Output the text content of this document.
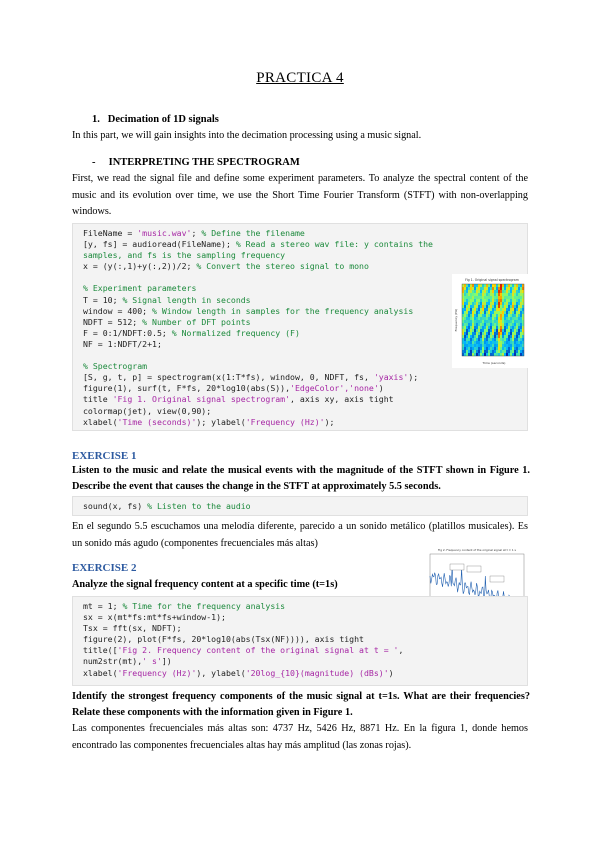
PRACTICA 4
1. Decimation of 1D signals
In this part, we will gain insights into the decimation processing using a music signal.
- INTERPRETING THE SPECTROGRAM
First, we read the signal file and define some experiment parameters. To analyze the spectral content of the music and its evolution over time, we use the Short Time Fourier Transform (STFT) with non-overlapping windows.
FileName = 'music.wav'; % Define the filename
[y, fs] = audioread(FileName); % Read a stereo wav file: y contains the
samples, and fs is the sampling frequency
x = (y(:,1)+y(:,2))/2; % Convert the stereo signal to mono

% Experiment parameters
T = 10; % Signal length in seconds
window = 400; % Window length in samples for the frequency analysis
NDFT = 512; % Number of DFT points
F = 0:1/NDFT:0.5; % Normalized frequency (F)
NF = 1:NDFT/2+1;

% Spectrogram
[S, g, t, p] = spectrogram(x(1:T*fs), window, 0, NDFT, fs, 'yaxis');
figure(1), surf(t, F*fs, 20*log10(abs(S)),'EdgeColor','none')
title 'Fig 1. Original signal spectrogram', axis xy, axis tight
colormap(jet), view(0,90);
xlabel('Time (seconds)'); ylabel('Frequency (Hz)');
Fig 1. Original signal spectrogram
Frequency (Hz)
Time (seconds)
EXERCISE 1
Listen to the music and relate the musical events with the magnitude of the STFT shown in Figure 1. Describe the event that causes the change in the STFT at approximately 5.5 seconds.
sound(x, fs) % Listen to the audio
En el segundo 5.5 escuchamos una melodía diferente, parecido a un sonido metálico (platillos musicales). Es un sonido más agudo (componentes frecuenciales más altas)
Fig 2. Frequency content of the original signal at t = 1 s
EXERCISE 2
Analyze the signal frequency content at a specific time (t=1s)
mt = 1; % Time for the frequency analysis
sx = x(mt*fs:mt*fs+window-1);
Tsx = fft(sx, NDFT);
figure(2), plot(F*fs, 20*log10(abs(Tsx(NF)))), axis tight
title(['Fig 2. Frequency content of the original signal at t = ',
num2str(mt),' s'])
xlabel('Frequency (Hz)'), ylabel('20log_{10}(magnitude) (dBs)')
Identify the strongest frequency components of the music signal at t=1s. What are their frequencies? Relate these components with the information given in Figure 1.
Las componentes frecuenciales más altas son: 4737 Hz, 5426 Hz, 8871 Hz. En la figura 1, donde hemos encontrado las componentes frecuenciales altas hay más amplitud (las zonas rojas).
